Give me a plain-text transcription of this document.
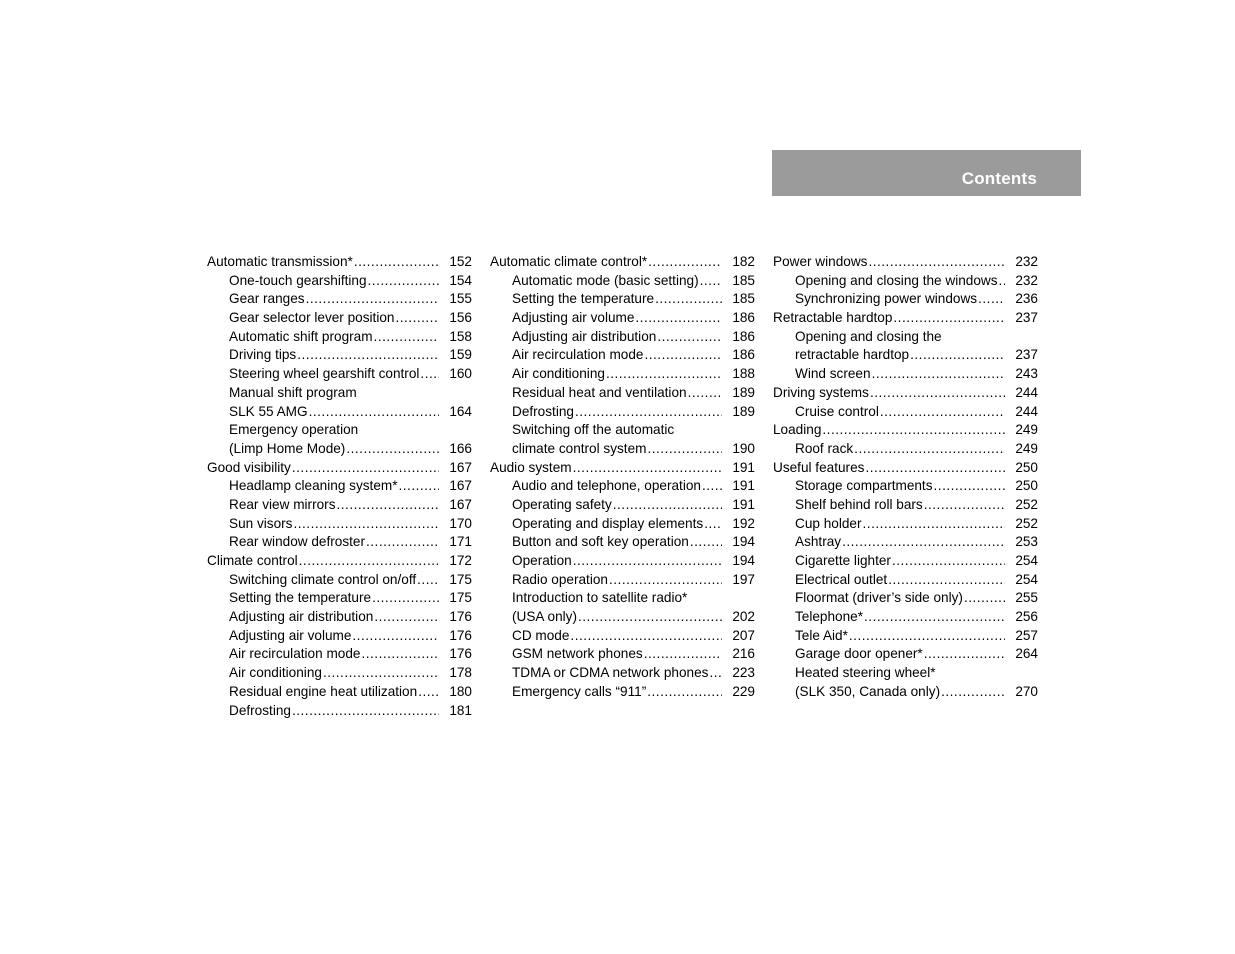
Contents
Automatic transmission* .....	152
One-touch gearshifting .....	154
Gear ranges .....	155
Gear selector lever position .....	156
Automatic shift program .....	158
Driving tips .....	159
Steering wheel gearshift control ..... 160
Manual shift program
SLK 55 AMG .....	164
Emergency operation
(Limp Home Mode) .....	166
Good visibility .....	167
Headlamp cleaning system* .....	167
Rear view mirrors .....	167
Sun visors .....	170
Rear window defroster .....	171
Climate control .....	172
Switching climate control on/off ..... 175
Setting the temperature .....	175
Adjusting air distribution .....	176
Adjusting air volume .....	176
Air recirculation mode .....	176
Air conditioning .....	178
Residual engine heat utilization ..... 180
Defrosting .....	181
Automatic climate control* .....	182
Automatic mode (basic setting) ..... 185
Setting the temperature .....	185
Adjusting air volume .....	186
Adjusting air distribution .....	186
Air recirculation mode .....	186
Air conditioning .....	188
Residual heat and ventilation .....	189
Defrosting .....	189
Switching off the automatic
climate control system .....	190
Audio system .....	191
Audio and telephone, operation ..... 191
Operating safety .....	191
Operating and display elements ..... 192
Button and soft key operation .....	194
Operation .....	194
Radio operation .....	197
Introduction to satellite radio*
(USA only) .....	202
CD mode .....	207
GSM network phones .....	216
TDMA or CDMA network phones ..... 223
Emergency calls “911” .....	229
Power windows .....	232
Opening and closing the windows ..... 232
Synchronizing power windows .....	236
Retractable hardtop .....	237
Opening and closing the
retractable hardtop .....	237
Wind screen .....	243
Driving systems .....	244
Cruise control .....	244
Loading .....	249
Roof rack .....	249
Useful features .....	250
Storage compartments .....	250
Shelf behind roll bars .....	252
Cup holder .....	252
Ashtray .....	253
Cigarette lighter .....	254
Electrical outlet .....	254
Floormat (driver’s side only) .....	255
Telephone* .....	256
Tele Aid* .....	257
Garage door opener* .....	264
Heated steering wheel*
(SLK 350, Canada only) .....	270
